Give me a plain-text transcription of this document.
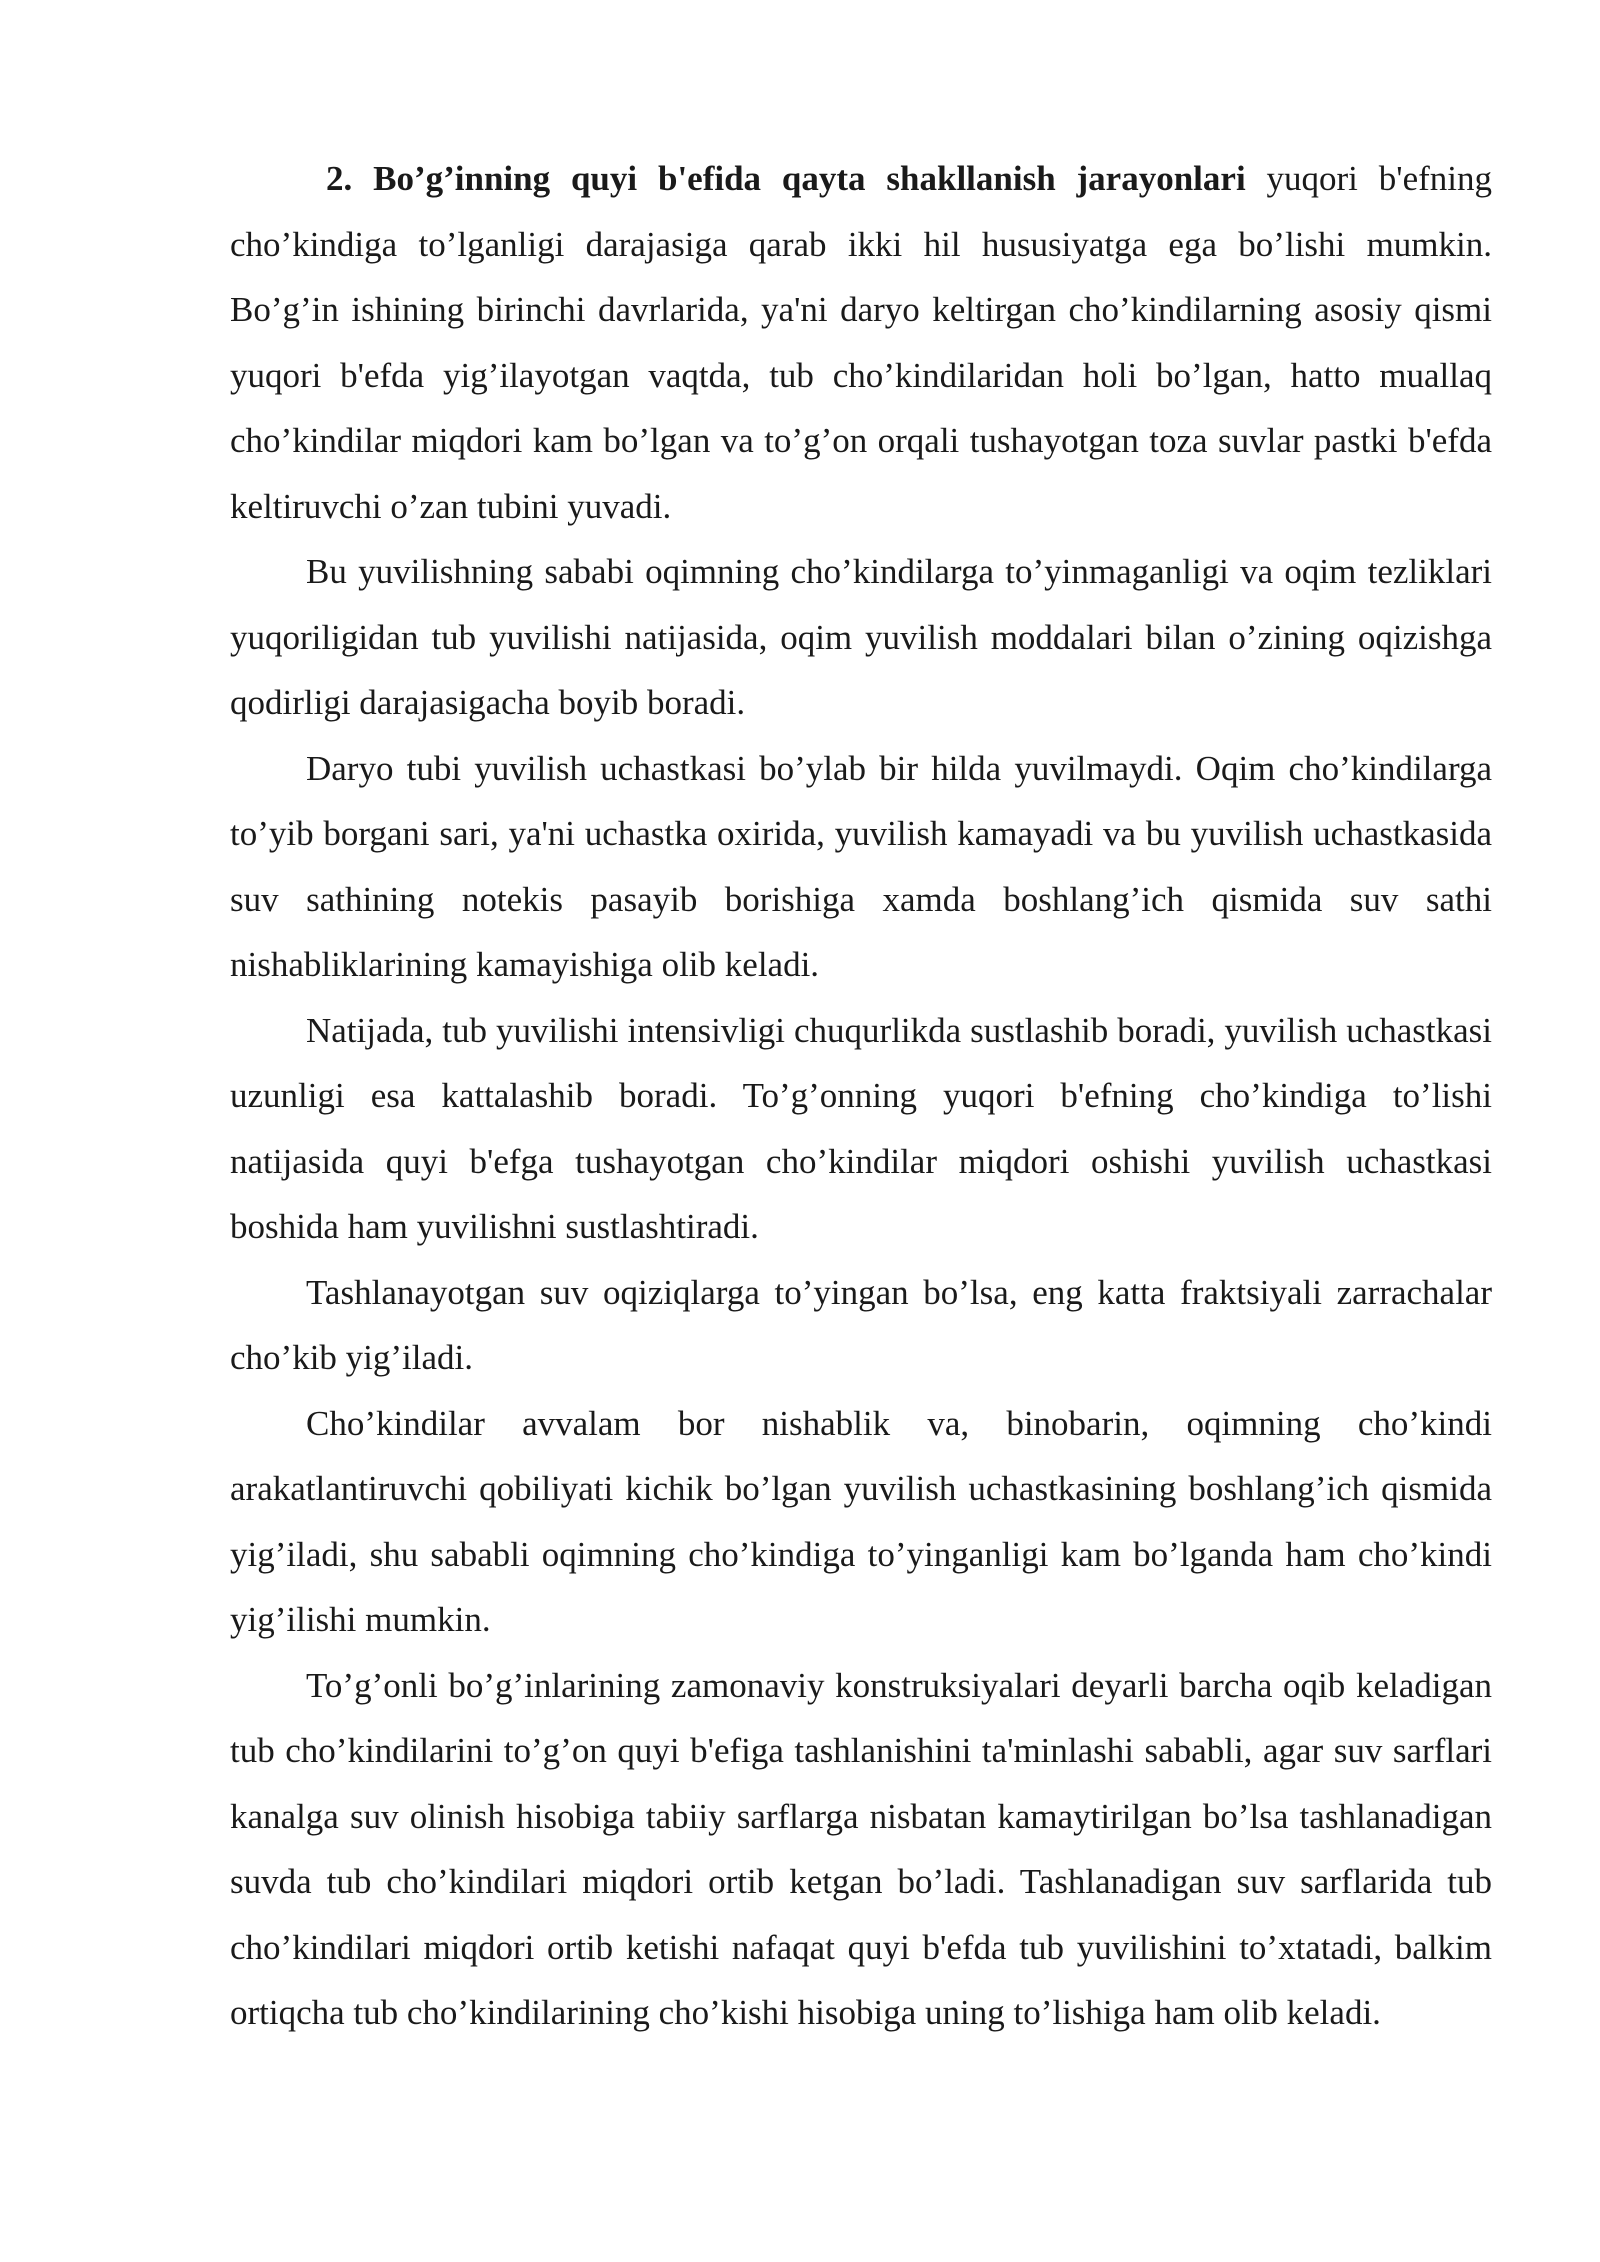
2. Bo’g’inning quyi b'efida qayta shakllanish jarayonlari yuqori b'efning cho’kindiga to’lganligi darajasiga qarab ikki hil hususiyatga ega bo’lishi mumkin. Bo’g’in ishining birinchi davrlarida, ya'ni daryo keltirgan cho’kindilarning asosiy qismi yuqori b'efda yig’ilayotgan vaqtda, tub cho’kindilaridan holi bo’lgan, hatto muallaq cho’kindilar miqdori kam bo’lgan va to’g’on orqali tushayotgan toza suvlar pastki b'efda keltiruvchi o’zan tubini yuvadi.

Bu yuvilishning sababi oqimning cho’kindilarga to’yinmaganligi va oqim tezliklari yuqoriligidan tub yuvilishi natijasida, oqim yuvilish moddalari bilan o’zining oqizishga qodirligi darajasigacha boyib boradi.

Daryo tubi yuvilish uchastkasi bo’ylab bir hilda yuvilmaydi. Oqim cho’kindilarga to’yib borgani sari, ya'ni uchastka oxirida, yuvilish kamayadi va bu yuvilish uchastkasida suv sathining notekis pasayib borishiga xamda boshlang’ich qismida suv sathi nishabliklarining kamayishiga olib keladi.

Natijada, tub yuvilishi intensivligi chuqurlikda sustlashib boradi, yuvilish uchastkasi uzunligi esa kattalashib boradi. To’g’onning yuqori b'efning cho’kindiga to’lishi natijasida quyi b'efga tushayotgan cho’kindilar miqdori oshishi yuvilish uchastkasi boshida ham yuvilishni sustlashtiradi.

Tashlanayotgan suv oqiziqlarga to’yingan bo’lsa, eng katta fraktsiyali zarrachalar cho’kib yig’iladi.

Cho’kindilar avvalam bor nishablik va, binobarin, oqimning cho’kindi arakatlantiruvchi qobiliyati kichik bo’lgan yuvilish uchastkasining boshlang’ich qismida yig’iladi, shu sababli oqimning cho’kindiga to’yinganligi kam bo’lganda ham cho’kindi yig’ilishi mumkin.

To’g’onli bo’g’inlarining zamonaviy konstruksiyalari deyarli barcha oqib keladigan tub cho’kindilarini to’g’on quyi b'efiga tashlanishini ta'minlashi sababli, agar suv sarflari kanalga suv olinish hisobiga tabiiy sarflarga nisbatan kamaytirilgan bo’lsa tashlanadigan suvda tub cho’kindilari miqdori ortib ketgan bo’ladi. Tashlanadigan suv sarflarida tub cho’kindilari miqdori ortib ketishi nafaqat quyi b'efda tub yuvilishini to’xtatadi, balkim ortiqcha tub cho’kindilarining cho’kishi hisobiga uning to’lishiga ham olib keladi.
